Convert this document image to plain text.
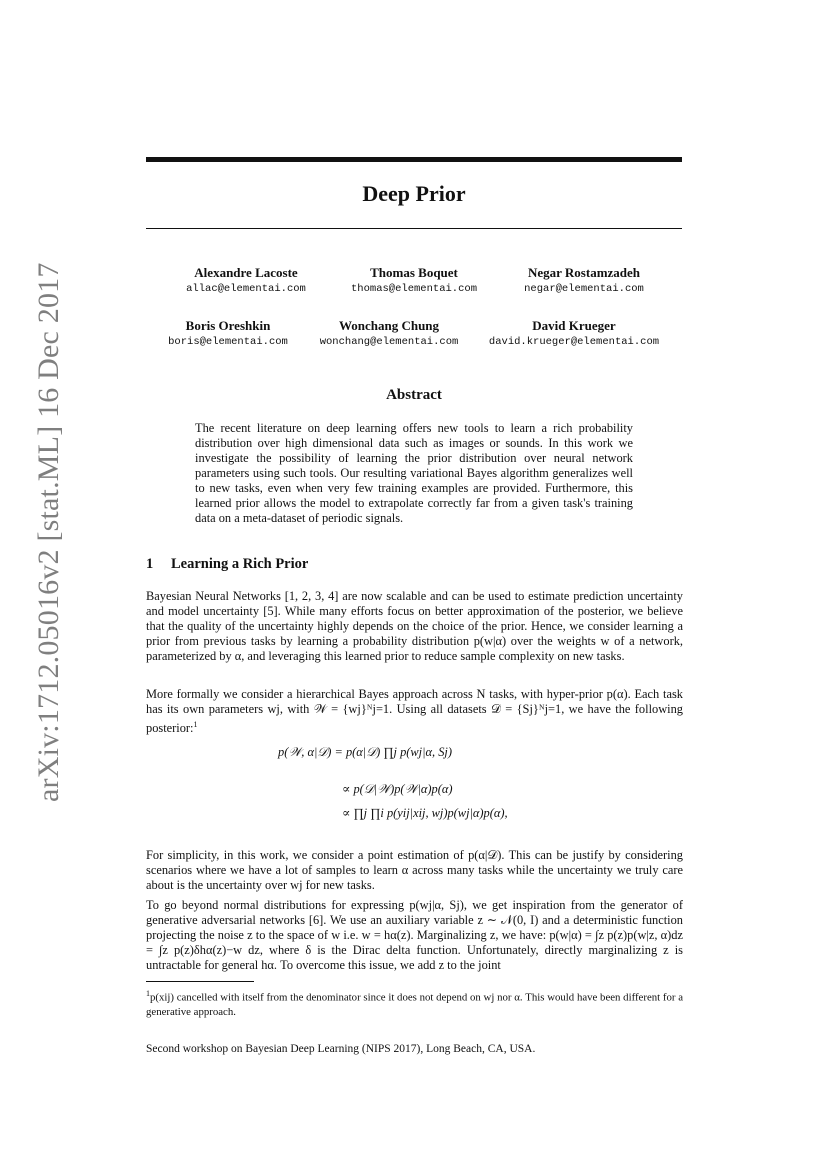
arXiv:1712.05016v2 [stat.ML] 16 Dec 2017
Deep Prior
Alexandre Lacoste
allac@elementai.com
Thomas Boquet
thomas@elementai.com
Negar Rostamzadeh
negar@elementai.com
Boris Oreshkin
boris@elementai.com
Wonchang Chung
wonchang@elementai.com
David Krueger
david.krueger@elementai.com
Abstract
The recent literature on deep learning offers new tools to learn a rich probability distribution over high dimensional data such as images or sounds. In this work we investigate the possibility of learning the prior distribution over neural network parameters using such tools. Our resulting variational Bayes algorithm generalizes well to new tasks, even when very few training examples are provided. Furthermore, this learned prior allows the model to extrapolate correctly far from a given task's training data on a meta-dataset of periodic signals.
1 Learning a Rich Prior
Bayesian Neural Networks [1, 2, 3, 4] are now scalable and can be used to estimate prediction uncertainty and model uncertainty [5]. While many efforts focus on better approximation of the posterior, we believe that the quality of the uncertainty highly depends on the choice of the prior. Hence, we consider learning a prior from previous tasks by learning a probability distribution p(w|α) over the weights w of a network, parameterized by α, and leveraging this learned prior to reduce sample complexity on new tasks.
More formally we consider a hierarchical Bayes approach across N tasks, with hyper-prior p(α). Each task has its own parameters wj, with 𝒲 = {wj}ᴺj=1. Using all datasets 𝒟 = {Sj}ᴺj=1, we have the following posterior:$^1$
p(𝒲, α|𝒟) = p(α|𝒟) ∏j p(wj|α, Sj)
∝ p(𝒟|𝒲)p(𝒲|α)p(α)
∝ ∏j ∏i p(yij|xij, wj)p(wj|α)p(α),
For simplicity, in this work, we consider a point estimation of p(α|𝒟). This can be justify by considering scenarios where we have a lot of samples to learn α across many tasks while the uncertainty we truly care about is the uncertainty over wj for new tasks.
To go beyond normal distributions for expressing p(wj|α, Sj), we get inspiration from the generator of generative adversarial networks [6]. We use an auxiliary variable z ∼ 𝒩(0, I) and a deterministic function projecting the noise z to the space of w i.e. w = hα(z). Marginalizing z, we have: p(w|α) = ∫z p(z)p(w|z, α)dz = ∫z p(z)δhα(z)−w dz, where δ is the Dirac delta function. Unfortunately, directly marginalizing z is untractable for general hα. To overcome this issue, we add z to the joint
$^1$p(xij) cancelled with itself from the denominator since it does not depend on wj nor α. This would have been different for a generative approach.
Second workshop on Bayesian Deep Learning (NIPS 2017), Long Beach, CA, USA.
